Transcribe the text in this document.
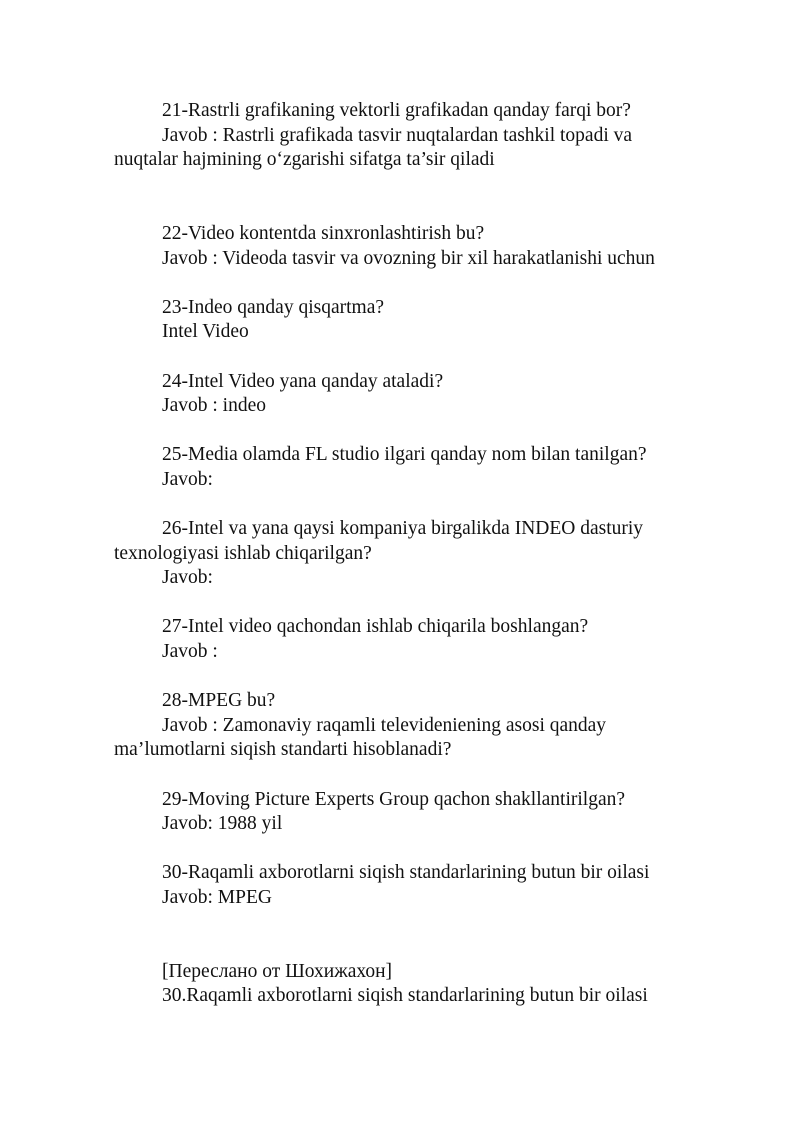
21-Rastrli grafikaning vektorli grafikadan qanday farqi bor?
Javob : Rastrli grafikada tasvir nuqtalardan tashkil topadi va
nuqtalar hajmining o‘zgarishi sifatga ta’sir qiladi
22-Video kontentda sinxronlashtirish bu?
Javob : Videoda tasvir va ovozning bir xil harakatlanishi uchun
23-Indeo qanday qisqartma?
Intel Video
24-Intel Video yana qanday ataladi?
Javob : indeo
25-Media olamda FL studio ilgari qanday nom bilan tanilgan?
Javob:
26-Intel va yana qaysi kompaniya birgalikda INDEO dasturiy
texnologiyasi ishlab chiqarilgan?
Javob:
27-Intel video qachondan ishlab chiqarila boshlangan?
Javob :
28-MPEG bu?
Javob : Zamonaviy raqamli televideniening asosi qanday
ma’lumotlarni siqish standarti hisoblanadi?
29-Moving Picture Experts Group qachon shakllantirilgan?
Javob: 1988 yil
30-Raqamli axborotlarni siqish standarlarining butun bir oilasi
Javob: MPEG
[Переслано от Шохижахон]
30.Raqamli axborotlarni siqish standarlarining butun bir oilasi
